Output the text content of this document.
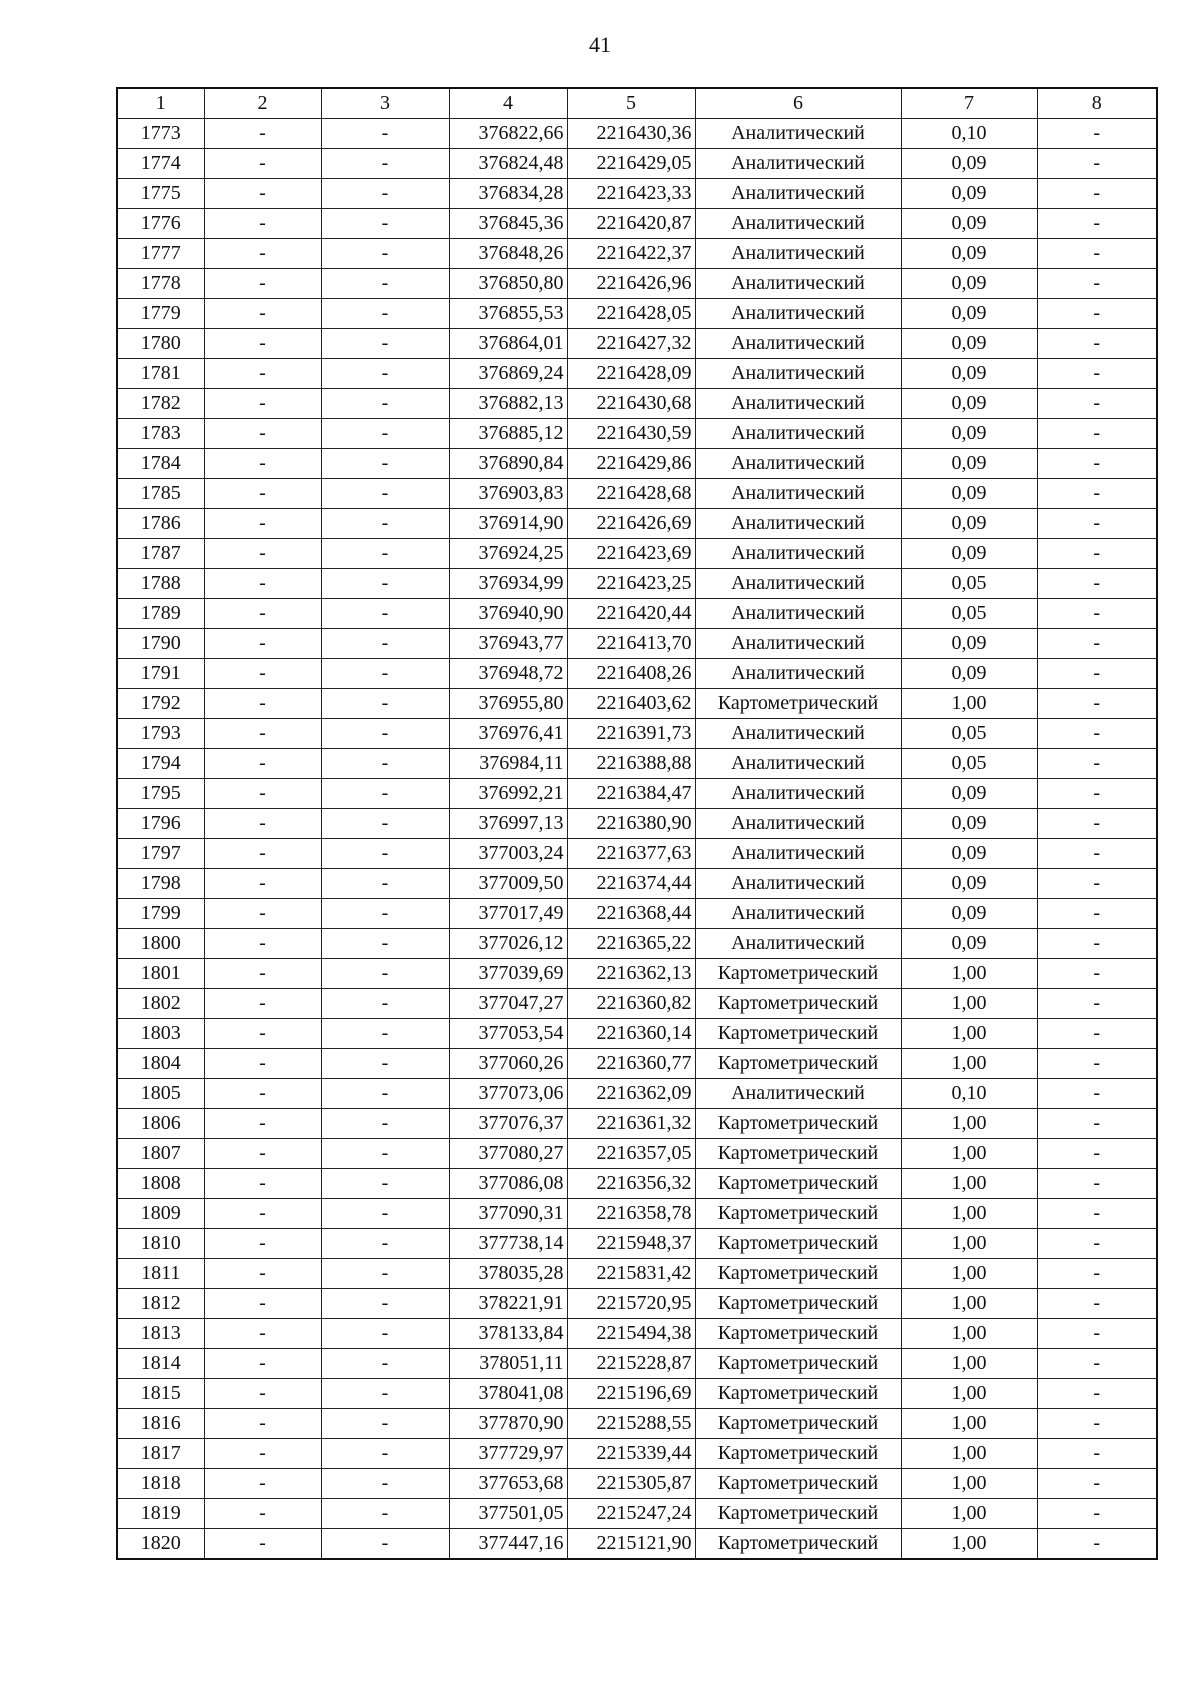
41
1	2	3	4	5	6	7	8
1773	-	-	376822,66	2216430,36	Аналитический	0,10	-
1774	-	-	376824,48	2216429,05	Аналитический	0,09	-
1775	-	-	376834,28	2216423,33	Аналитический	0,09	-
1776	-	-	376845,36	2216420,87	Аналитический	0,09	-
1777	-	-	376848,26	2216422,37	Аналитический	0,09	-
1778	-	-	376850,80	2216426,96	Аналитический	0,09	-
1779	-	-	376855,53	2216428,05	Аналитический	0,09	-
1780	-	-	376864,01	2216427,32	Аналитический	0,09	-
1781	-	-	376869,24	2216428,09	Аналитический	0,09	-
1782	-	-	376882,13	2216430,68	Аналитический	0,09	-
1783	-	-	376885,12	2216430,59	Аналитический	0,09	-
1784	-	-	376890,84	2216429,86	Аналитический	0,09	-
1785	-	-	376903,83	2216428,68	Аналитический	0,09	-
1786	-	-	376914,90	2216426,69	Аналитический	0,09	-
1787	-	-	376924,25	2216423,69	Аналитический	0,09	-
1788	-	-	376934,99	2216423,25	Аналитический	0,05	-
1789	-	-	376940,90	2216420,44	Аналитический	0,05	-
1790	-	-	376943,77	2216413,70	Аналитический	0,09	-
1791	-	-	376948,72	2216408,26	Аналитический	0,09	-
1792	-	-	376955,80	2216403,62	Картометрический	1,00	-
1793	-	-	376976,41	2216391,73	Аналитический	0,05	-
1794	-	-	376984,11	2216388,88	Аналитический	0,05	-
1795	-	-	376992,21	2216384,47	Аналитический	0,09	-
1796	-	-	376997,13	2216380,90	Аналитический	0,09	-
1797	-	-	377003,24	2216377,63	Аналитический	0,09	-
1798	-	-	377009,50	2216374,44	Аналитический	0,09	-
1799	-	-	377017,49	2216368,44	Аналитический	0,09	-
1800	-	-	377026,12	2216365,22	Аналитический	0,09	-
1801	-	-	377039,69	2216362,13	Картометрический	1,00	-
1802	-	-	377047,27	2216360,82	Картометрический	1,00	-
1803	-	-	377053,54	2216360,14	Картометрический	1,00	-
1804	-	-	377060,26	2216360,77	Картометрический	1,00	-
1805	-	-	377073,06	2216362,09	Аналитический	0,10	-
1806	-	-	377076,37	2216361,32	Картометрический	1,00	-
1807	-	-	377080,27	2216357,05	Картометрический	1,00	-
1808	-	-	377086,08	2216356,32	Картометрический	1,00	-
1809	-	-	377090,31	2216358,78	Картометрический	1,00	-
1810	-	-	377738,14	2215948,37	Картометрический	1,00	-
1811	-	-	378035,28	2215831,42	Картометрический	1,00	-
1812	-	-	378221,91	2215720,95	Картометрический	1,00	-
1813	-	-	378133,84	2215494,38	Картометрический	1,00	-
1814	-	-	378051,11	2215228,87	Картометрический	1,00	-
1815	-	-	378041,08	2215196,69	Картометрический	1,00	-
1816	-	-	377870,90	2215288,55	Картометрический	1,00	-
1817	-	-	377729,97	2215339,44	Картометрический	1,00	-
1818	-	-	377653,68	2215305,87	Картометрический	1,00	-
1819	-	-	377501,05	2215247,24	Картометрический	1,00	-
1820	-	-	377447,16	2215121,90	Картометрический	1,00	-
